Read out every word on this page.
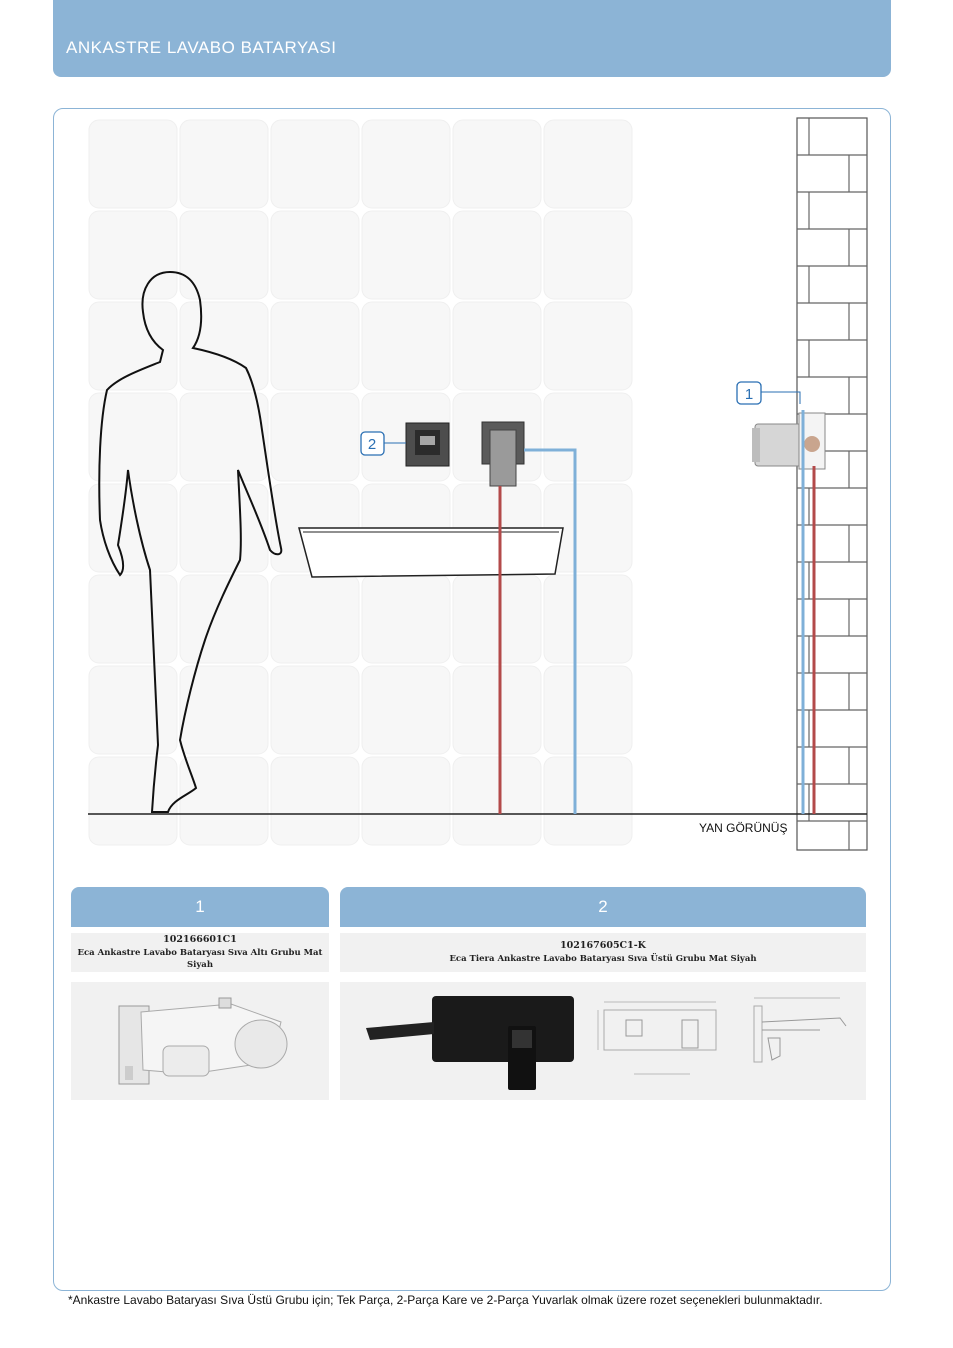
ANKASTRE LAVABO BATARYASI
1
2
YAN GÖRÜNÜŞ
1
102166601C1
Eca Ankastre Lavabo Bataryası Sıva Altı Grubu Mat Siyah
2
102167605C1-K
Eca Tiera Ankastre Lavabo Bataryası Sıva Üstü Grubu Mat Siyah
*Ankastre Lavabo Bataryası Sıva Üstü Grubu için; Tek Parça, 2-Parça Kare ve 2-Parça Yuvarlak olmak üzere rozet seçenekleri bulunmaktadır.
